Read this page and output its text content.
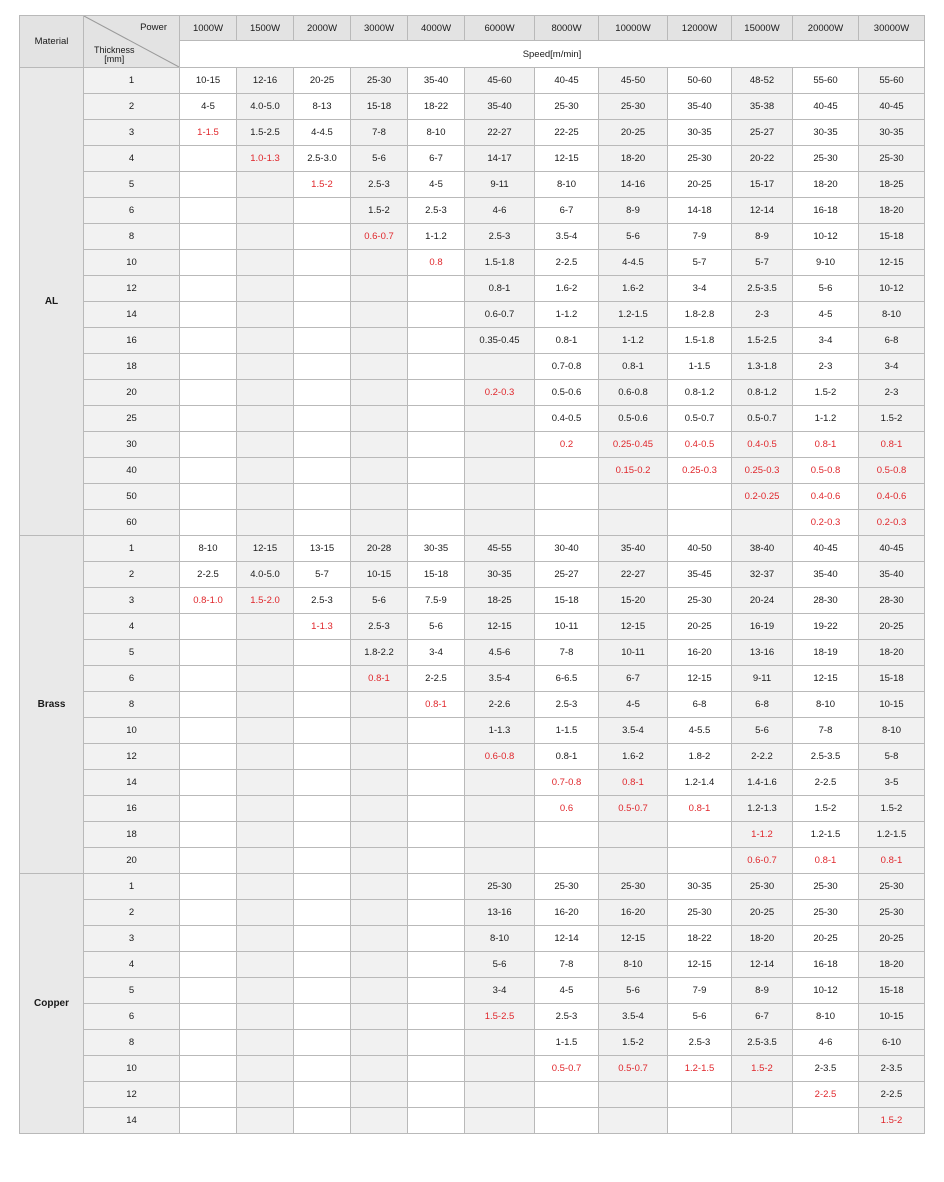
Material	Power
Thickness
[mm]	1000W	1500W	2000W	3000W	4000W	6000W	8000W	10000W	12000W	15000W	20000W	30000W
		Speed[m/min]											
AL	1	10-15	12-16	20-25	25-30	35-40	45-60	40-45	45-50	50-60	48-52	55-60	55-60
	2	4-5	4.0-5.0	8-13	15-18	18-22	35-40	25-30	25-30	35-40	35-38	40-45	40-45
	3	1-1.5	1.5-2.5	4-4.5	7-8	8-10	22-27	22-25	20-25	30-35	25-27	30-35	30-35
	4		1.0-1.3	2.5-3.0	5-6	6-7	14-17	12-15	18-20	25-30	20-22	25-30	25-30
	5			1.5-2	2.5-3	4-5	9-11	8-10	14-16	20-25	15-17	18-20	18-25
	6				1.5-2	2.5-3	4-6	6-7	8-9	14-18	12-14	16-18	18-20
	8				0.6-0.7	1-1.2	2.5-3	3.5-4	5-6	7-9	8-9	10-12	15-18
	10					0.8	1.5-1.8	2-2.5	4-4.5	5-7	5-7	9-10	12-15
	12						0.8-1	1.6-2	1.6-2	3-4	2.5-3.5	5-6	10-12
	14						0.6-0.7	1-1.2	1.2-1.5	1.8-2.8	2-3	4-5	8-10
	16						0.35-0.45	0.8-1	1-1.2	1.5-1.8	1.5-2.5	3-4	6-8
	18							0.7-0.8	0.8-1	1-1.5	1.3-1.8	2-3	3-4
	20						0.2-0.3	0.5-0.6	0.6-0.8	0.8-1.2	0.8-1.2	1.5-2	2-3
	25							0.4-0.5	0.5-0.6	0.5-0.7	0.5-0.7	1-1.2	1.5-2
	30							0.2	0.25-0.45	0.4-0.5	0.4-0.5	0.8-1	0.8-1
	40								0.15-0.2	0.25-0.3	0.25-0.3	0.5-0.8	0.5-0.8
	50										0.2-0.25	0.4-0.6	0.4-0.6
	60											0.2-0.3	0.2-0.3
Brass	1	8-10	12-15	13-15	20-28	30-35	45-55	30-40	35-40	40-50	38-40	40-45	40-45
	2	2-2.5	4.0-5.0	5-7	10-15	15-18	30-35	25-27	22-27	35-45	32-37	35-40	35-40
	3	0.8-1.0	1.5-2.0	2.5-3	5-6	7.5-9	18-25	15-18	15-20	25-30	20-24	28-30	28-30
	4			1-1.3	2.5-3	5-6	12-15	10-11	12-15	20-25	16-19	19-22	20-25
	5				1.8-2.2	3-4	4.5-6	7-8	10-11	16-20	13-16	18-19	18-20
	6				0.8-1	2-2.5	3.5-4	6-6.5	6-7	12-15	9-11	12-15	15-18
	8					0.8-1	2-2.6	2.5-3	4-5	6-8	6-8	8-10	10-15
	10						1-1.3	1-1.5	3.5-4	4-5.5	5-6	7-8	8-10
	12						0.6-0.8	0.8-1	1.6-2	1.8-2	2-2.2	2.5-3.5	5-8
	14							0.7-0.8	0.8-1	1.2-1.4	1.4-1.6	2-2.5	3-5
	16							0.6	0.5-0.7	0.8-1	1.2-1.3	1.5-2	1.5-2
	18										1-1.2	1.2-1.5	1.2-1.5
	20										0.6-0.7	0.8-1	0.8-1
Copper	1						25-30	25-30	25-30	30-35	25-30	25-30	25-30
	2						13-16	16-20	16-20	25-30	20-25	25-30	25-30
	3						8-10	12-14	12-15	18-22	18-20	20-25	20-25
	4						5-6	7-8	8-10	12-15	12-14	16-18	18-20
	5						3-4	4-5	5-6	7-9	8-9	10-12	15-18
	6						1.5-2.5	2.5-3	3.5-4	5-6	6-7	8-10	10-15
	8							1-1.5	1.5-2	2.5-3	2.5-3.5	4-6	6-10
	10							0.5-0.7	0.5-0.7	1.2-1.5	1.5-2	2-3.5	2-3.5
	12											2-2.5	2-2.5
	14												1.5-2
